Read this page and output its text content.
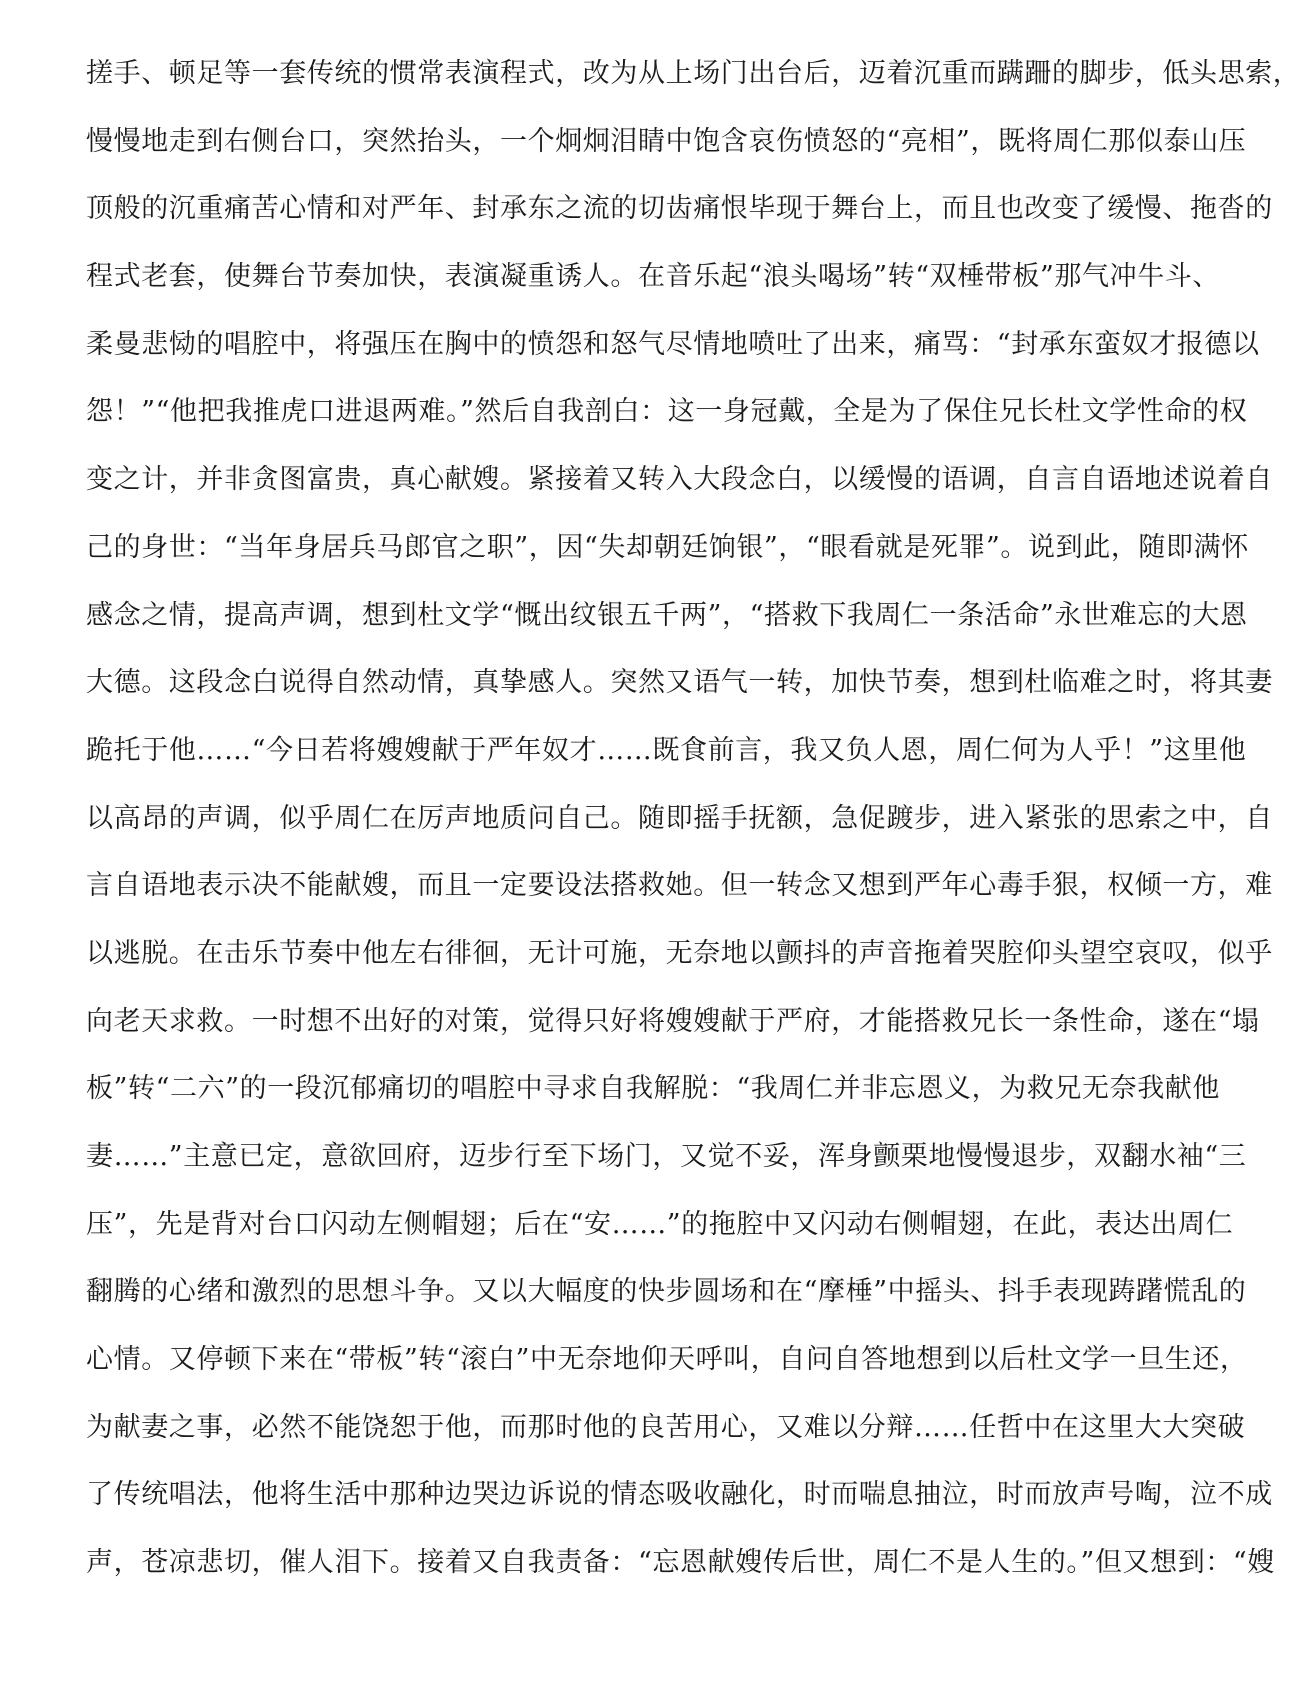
搓手、顿足等一套传统的惯常表演程式，改为从上场门出台后，迈着沉重而蹒跚的脚步，低头思索，
慢慢地走到右侧台口，突然抬头，一个炯炯泪睛中饱含哀伤愤怒的“亮相”，既将周仁那似泰山压
顶般的沉重痛苦心情和对严年、封承东之流的切齿痛恨毕现于舞台上，而且也改变了缓慢、拖沓的
程式老套，使舞台节奏加快，表演凝重诱人。在音乐起“浪头喝场”转“双棰带板”那气冲牛斗、
柔曼悲恸的唱腔中，将强压在胸中的愤怨和怒气尽情地喷吐了出来，痛骂：“封承东蛮奴才报德以
怨！”“他把我推虎口进退两难。”然后自我剖白：这一身冠戴，全是为了保住兄长杜文学性命的权
变之计，并非贪图富贵，真心献嫂。紧接着又转入大段念白，以缓慢的语调，自言自语地述说着自
己的身世：“当年身居兵马郎官之职”，因“失却朝廷饷银”，“眼看就是死罪”。说到此，随即满怀
感念之情，提高声调，想到杜文学“慨出纹银五千两”，“搭救下我周仁一条活命”永世难忘的大恩
大德。这段念白说得自然动情，真挚感人。突然又语气一转，加快节奏，想到杜临难之时，将其妻
跪托于他……“今日若将嫂嫂献于严年奴才……既食前言，我又负人恩，周仁何为人乎！”这里他
以高昂的声调，似乎周仁在厉声地质问自己。随即摇手抚额，急促踱步，进入紧张的思索之中，自
言自语地表示决不能献嫂，而且一定要设法搭救她。但一转念又想到严年心毒手狠，权倾一方，难
以逃脱。在击乐节奏中他左右徘徊，无计可施，无奈地以颤抖的声音拖着哭腔仰头望空哀叹，似乎
向老天求救。一时想不出好的对策，觉得只好将嫂嫂献于严府，才能搭救兄长一条性命，遂在“塌
板”转“二六”的一段沉郁痛切的唱腔中寻求自我解脱：“我周仁并非忘恩义，为救兄无奈我献他
妻……”主意已定，意欲回府，迈步行至下场门，又觉不妥，浑身颤栗地慢慢退步，双翻水袖“三
压”，先是背对台口闪动左侧帽翅；后在“安……”的拖腔中又闪动右侧帽翅，在此，表达出周仁
翻腾的心绪和激烈的思想斗争。又以大幅度的快步圆场和在“摩棰”中摇头、抖手表现踌躇慌乱的
心情。又停顿下来在“带板”转“滚白”中无奈地仰天呼叫，自问自答地想到以后杜文学一旦生还，
为献妻之事，必然不能饶恕于他，而那时他的良苦用心，又难以分辩……任哲中在这里大大突破
了传统唱法，他将生活中那种边哭边诉说的情态吸收融化，时而喘息抽泣，时而放声号啕，泣不成
声，苍凉悲切，催人泪下。接着又自我责备：“忘恩献嫂传后世，周仁不是人生的。”但又想到：“嫂
